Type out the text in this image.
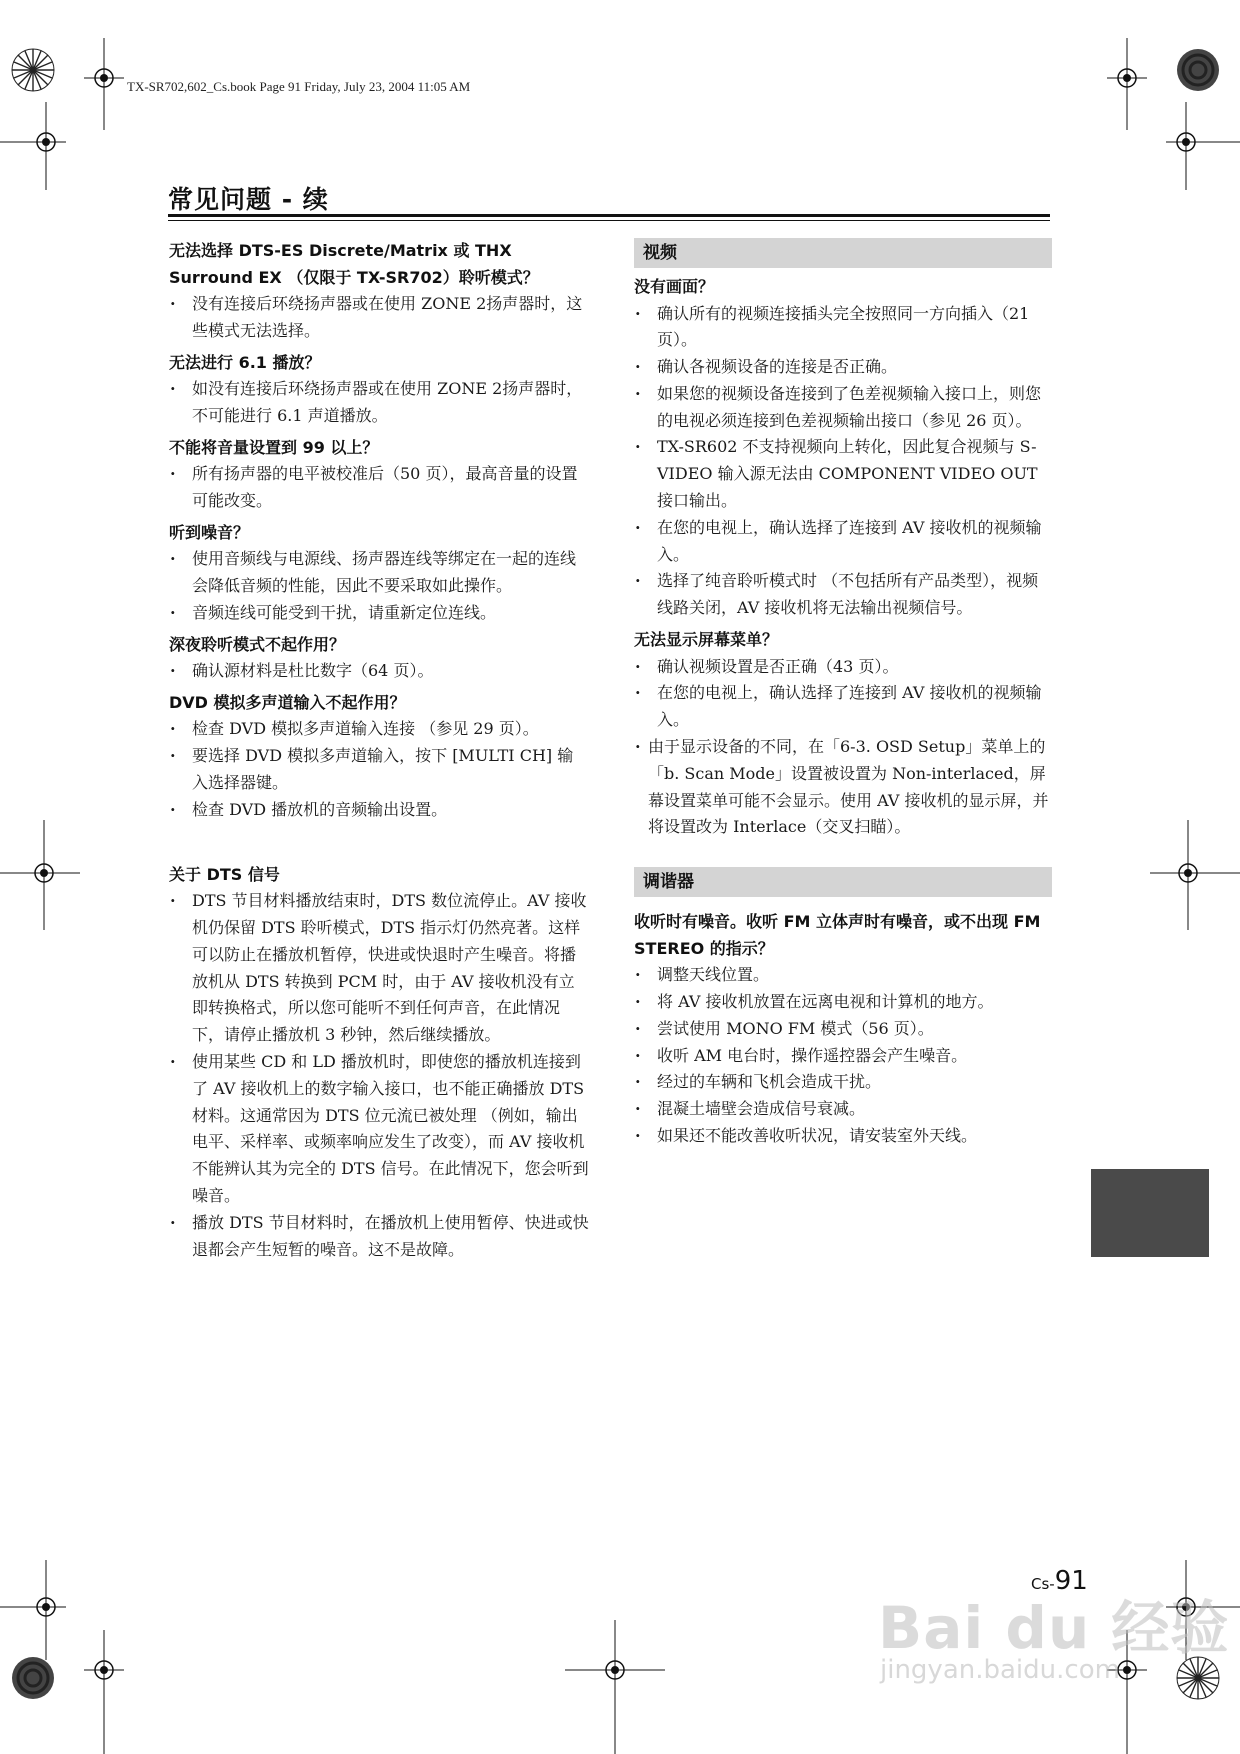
TX-SR702,602_Cs.book Page 91 Friday, July 23, 2004 11:05 AM
常见问题 - 续

无法选择 DTS-ES Discrete/Matrix 或 THX Surround EX （仅限于 TX-SR702）聆听模式？

· 没有连接后环绕扬声器或在使用 ZONE 2扬声器时，这些模式无法选择。

无法进行 6.1 播放？

· 如没有连接后环绕扬声器或在使用 ZONE 2扬声器时，不可能进行 6.1 声道播放。

不能将音量设置到 99 以上？

· 所有扬声器的电平被校准后（50 页），最高音量的设置可能改变。

听到噪音？

· 使用音频线与电源线、扬声器连线等绑定在一起的连线会降低音频的性能，因此不要采取如此操作。
· 音频连线可能受到干扰，请重新定位连线。

深夜聆听模式不起作用？

· 确认源材料是杜比数字（64 页）。

DVD 模拟多声道输入不起作用？

· 检查 DVD 模拟多声道输入连接 （参见 29 页）。
· 要选择 DVD 模拟多声道输入，按下 [MULTI CH] 输入选择器键。
· 检查 DVD 播放机的音频输出设置。

关于 DTS 信号

· DTS 节目材料播放结束时，DTS 数位流停止。AV 接收机仍保留 DTS 聆听模式，DTS 指示灯仍然亮著。这样可以防止在播放机暂停，快进或快退时产生噪音。将播放机从 DTS 转换到 PCM 时，由于 AV 接收机没有立即转换格式，所以您可能听不到任何声音，在此情况下，请停止播放机 3 秒钟，然后继续播放。
· 使用某些 CD 和 LD 播放机时，即使您的播放机连接到了 AV 接收机上的数字输入接口，也不能正确播放 DTS 材料。这通常因为 DTS 位元流已被处理 （例如，输出电平、采样率、或频率响应发生了改变），而 AV 接收机不能辨认其为完全的 DTS 信号。在此情况下，您会听到噪音。
· 播放 DTS 节目材料时，在播放机上使用暂停、快进或快退都会产生短暂的噪音。这不是故障。
视频

没有画面？

· 确认所有的视频连接插头完全按照同一方向插入（21 页）。
· 确认各视频设备的连接是否正确。
· 如果您的视频设备连接到了色差视频输入接口上，则您的电视必须连接到色差视频输出接口（参见 26 页）。
· TX-SR602 不支持视频向上转化，因此复合视频与 S-VIDEO 输入源无法由 COMPONENT VIDEO OUT 接口输出。
· 在您的电视上，确认选择了连接到 AV 接收机的视频输入。
· 选择了纯音聆听模式时 （不包括所有产品类型），视频线路关闭，AV 接收机将无法输出视频信号。

无法显示屏幕菜单？

· 确认视频设置是否正确（43 页）。
· 在您的电视上，确认选择了连接到 AV 接收机的视频输入。
· 由于显示设备的不同，在「6-3. OSD Setup」菜单上的「b. Scan Mode」设置被设置为 Non-interlaced，屏幕设置菜单可能不会显示。使用 AV 接收机的显示屏，并将设置改为 Interlace（交叉扫瞄）。
调谐器

收听时有噪音。收听 FM 立体声时有噪音，或不出现 FM STEREO 的指示？

· 调整天线位置。
· 将 AV 接收机放置在远离电视和计算机的地方。
· 尝试使用 MONO FM 模式（56 页）。
· 收听 AM 电台时，操作遥控器会产生噪音。
· 经过的车辆和飞机会造成干扰。
· 混凝土墙壁会造成信号衰减。
· 如果还不能改善收听状况，请安装室外天线。
Cs-91
Bai du 经验
jingyan.baidu.com
